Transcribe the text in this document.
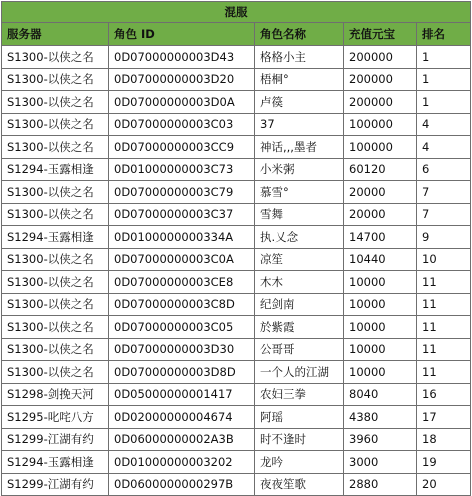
混服				
服务器	角色 ID	角色名称	充值元宝	排名
S1300-以侠之名	0D07000000003D43	格格小主	200000	1
S1300-以侠之名	0D07000000003D20	梧桐°	200000	1
S1300-以侠之名	0D07000000003D0A	卢篌	200000	1
S1300-以侠之名	0D07000000003C03	37	100000	4
S1300-以侠之名	0D07000000003CC9	神话,,,墨者	100000	4
S1294-玉露相逢	0D01000000003C73	小米粥	60120	6
S1300-以侠之名	0D07000000003C79	慕雪°	20000	7
S1300-以侠之名	0D07000000003C37	雪舞	20000	7
S1294-玉露相逢	0D0100000000334A	执.乂念	14700	9
S1300-以侠之名	0D07000000003C0A	凉笙	10440	10
S1300-以侠之名	0D07000000003CE8	木木	10000	11
S1300-以侠之名	0D07000000003C8D	纪剑南	10000	11
S1300-以侠之名	0D07000000003C05	於紫霞	10000	11
S1300-以侠之名	0D07000000003D30	公哥哥	10000	11
S1300-以侠之名	0D07000000003D8D	一个人的江湖	10000	11
S1298-剑挽天河	0D05000000001417	农妇三拳	8040	16
S1295-叱咤八方	0D02000000004674	阿瑶	4380	17
S1299-江湖有约	0D06000000002A3B	时不逢时	3960	18
S1294-玉露相逢	0D01000000003202	龙吟	3000	19
S1299-江湖有约	0D0600000000297B	夜夜笙歌	2880	20
